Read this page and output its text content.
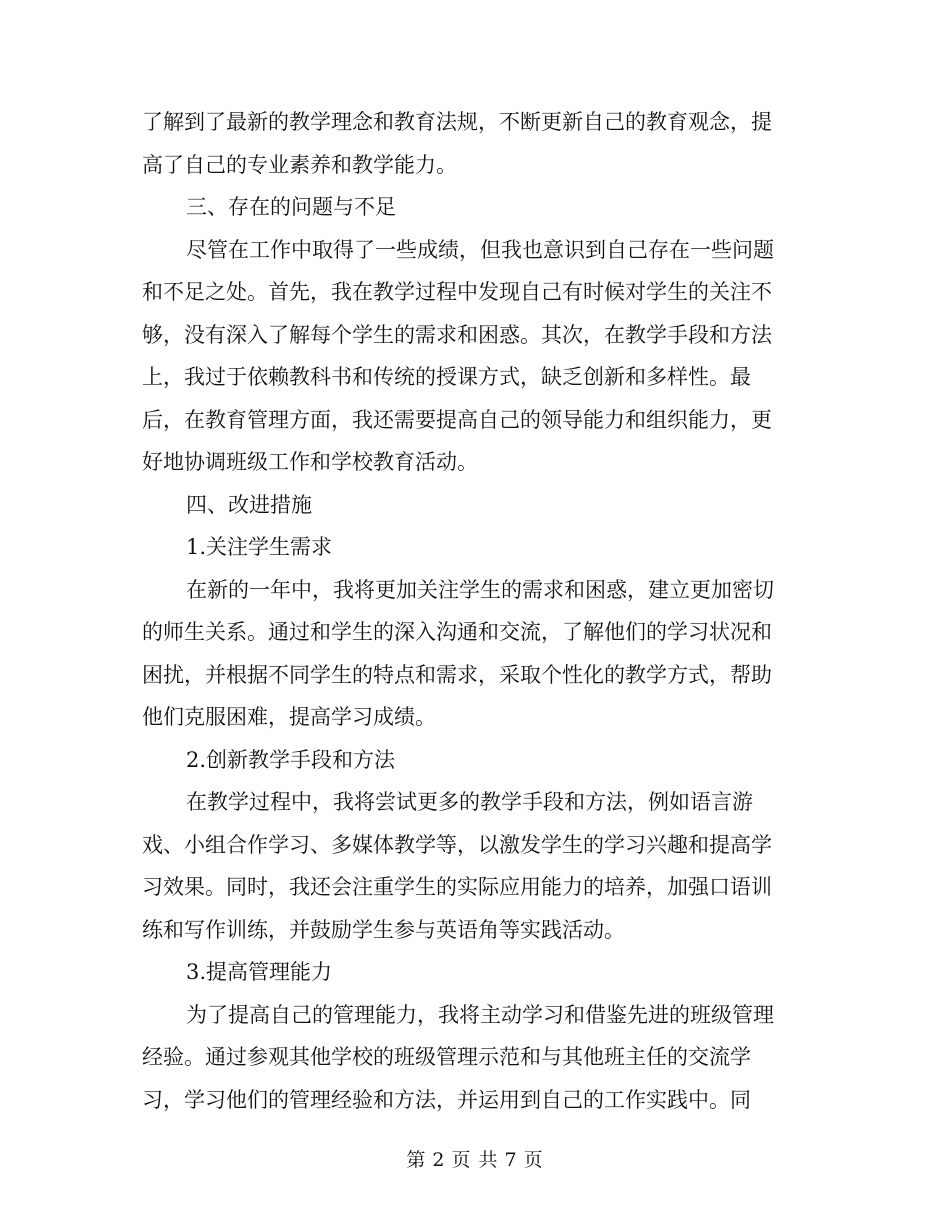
了解到了最新的教学理念和教育法规，不断更新自己的教育观念，提
高了自己的专业素养和教学能力。
三、存在的问题与不足
尽管在工作中取得了一些成绩，但我也意识到自己存在一些问题
和不足之处。首先，我在教学过程中发现自己有时候对学生的关注不
够，没有深入了解每个学生的需求和困惑。其次，在教学手段和方法
上，我过于依赖教科书和传统的授课方式，缺乏创新和多样性。最
后，在教育管理方面，我还需要提高自己的领导能力和组织能力，更
好地协调班级工作和学校教育活动。
四、改进措施
1.关注学生需求
在新的一年中，我将更加关注学生的需求和困惑，建立更加密切
的师生关系。通过和学生的深入沟通和交流，了解他们的学习状况和
困扰，并根据不同学生的特点和需求，采取个性化的教学方式，帮助
他们克服困难，提高学习成绩。
2.创新教学手段和方法
在教学过程中，我将尝试更多的教学手段和方法，例如语言游
戏、小组合作学习、多媒体教学等，以激发学生的学习兴趣和提高学
习效果。同时，我还会注重学生的实际应用能力的培养，加强口语训
练和写作训练，并鼓励学生参与英语角等实践活动。
3.提高管理能力
为了提高自己的管理能力，我将主动学习和借鉴先进的班级管理
经验。通过参观其他学校的班级管理示范和与其他班主任的交流学
习，学习他们的管理经验和方法，并运用到自己的工作实践中。同
第 2 页 共 7 页
